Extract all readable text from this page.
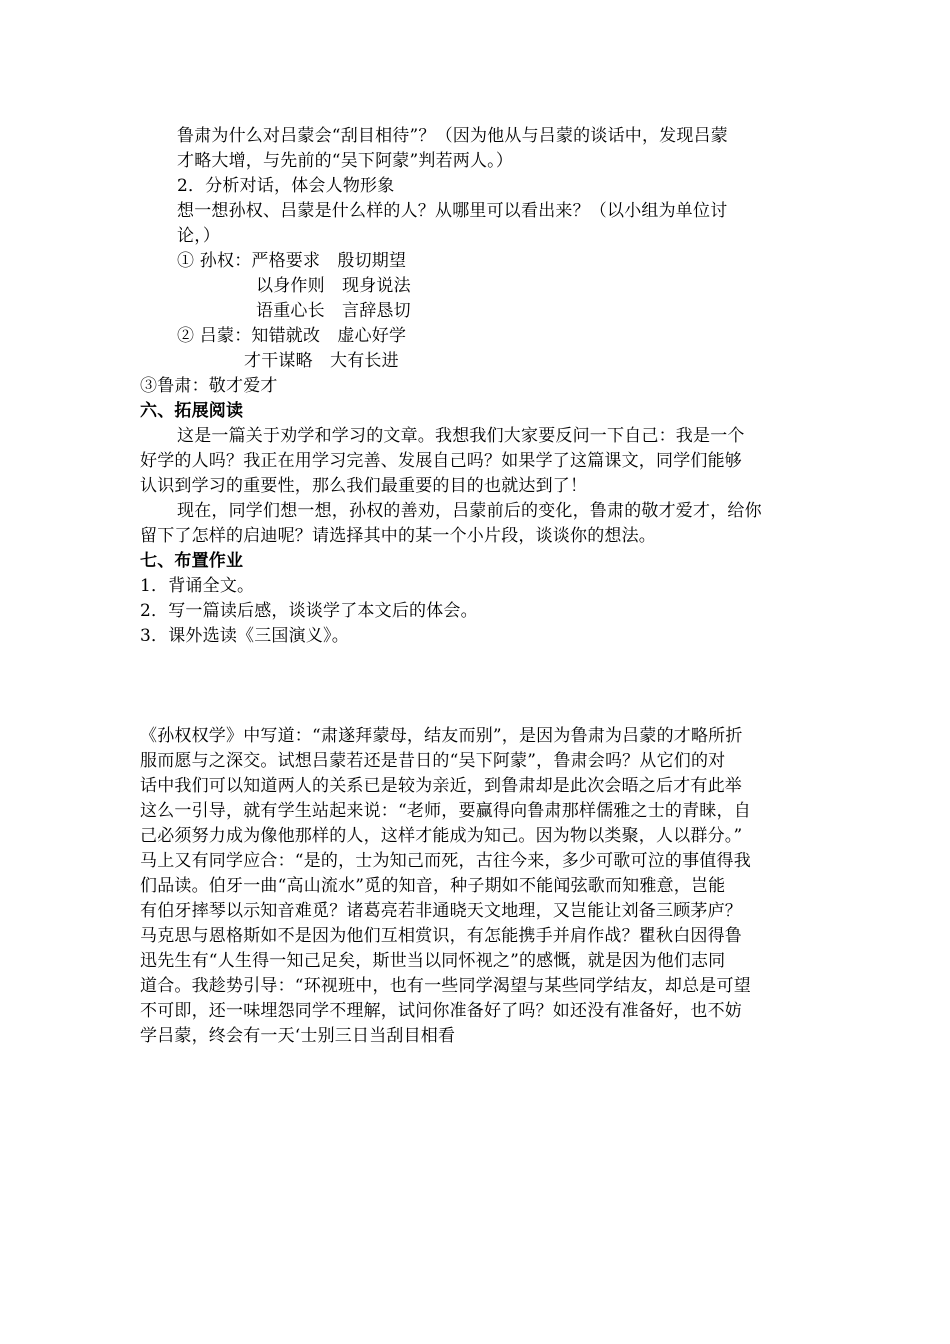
鲁肃为什么对吕蒙会“刮目相待”？（因为他从与吕蒙的谈话中，发现吕蒙
才略大增，与先前的“吴下阿蒙”判若两人。）
2．分析对话，体会人物形象
想一想孙权、吕蒙是什么样的人？从哪里可以看出来？（以小组为单位讨
论，）
① 孙权：严格要求　殷切期望
以身作则　现身说法
语重心长　言辞恳切
② 吕蒙：知错就改　虚心好学
才干谋略　大有长进
③鲁肃：敬才爱才
六、拓展阅读
这是一篇关于劝学和学习的文章。我想我们大家要反问一下自己：我是一个
好学的人吗？我正在用学习完善、发展自己吗？如果学了这篇课文，同学们能够
认识到学习的重要性，那么我们最重要的目的也就达到了！
现在，同学们想一想，孙权的善劝，吕蒙前后的变化，鲁肃的敬才爱才，给你
留下了怎样的启迪呢？请选择其中的某一个小片段，谈谈你的想法。
七、布置作业
1．背诵全文。
2．写一篇读后感，谈谈学了本文后的体会。
3．课外选读《三国演义》。
《孙权权学》中写道：“肃遂拜蒙母，结友而别”，是因为鲁肃为吕蒙的才略所折
服而愿与之深交。试想吕蒙若还是昔日的“吴下阿蒙”，鲁肃会吗？从它们的对
话中我们可以知道两人的关系已是较为亲近，到鲁肃却是此次会晤之后才有此举
这么一引导，就有学生站起来说：“老师，要赢得向鲁肃那样儒雅之士的青睐，自
己必须努力成为像他那样的人，这样才能成为知己。因为物以类聚，人以群分。”
马上又有同学应合：“是的，士为知己而死，古往今来，多少可歌可泣的事值得我
们品读。伯牙一曲“高山流水”觅的知音，种子期如不能闻弦歌而知雅意，岂能
有伯牙摔琴以示知音难觅？诸葛亮若非通晓天文地理，又岂能让刘备三顾茅庐？
马克思与恩格斯如不是因为他们互相赏识，有怎能携手并肩作战？瞿秋白因得鲁
迅先生有“人生得一知己足矣，斯世当以同怀视之”的感慨，就是因为他们志同
道合。我趁势引导：“环视班中，也有一些同学渴望与某些同学结友，却总是可望
不可即，还一味埋怨同学不理解，试问你准备好了吗？如还没有准备好，也不妨
学吕蒙，终会有一天‘士别三日当刮目相看
